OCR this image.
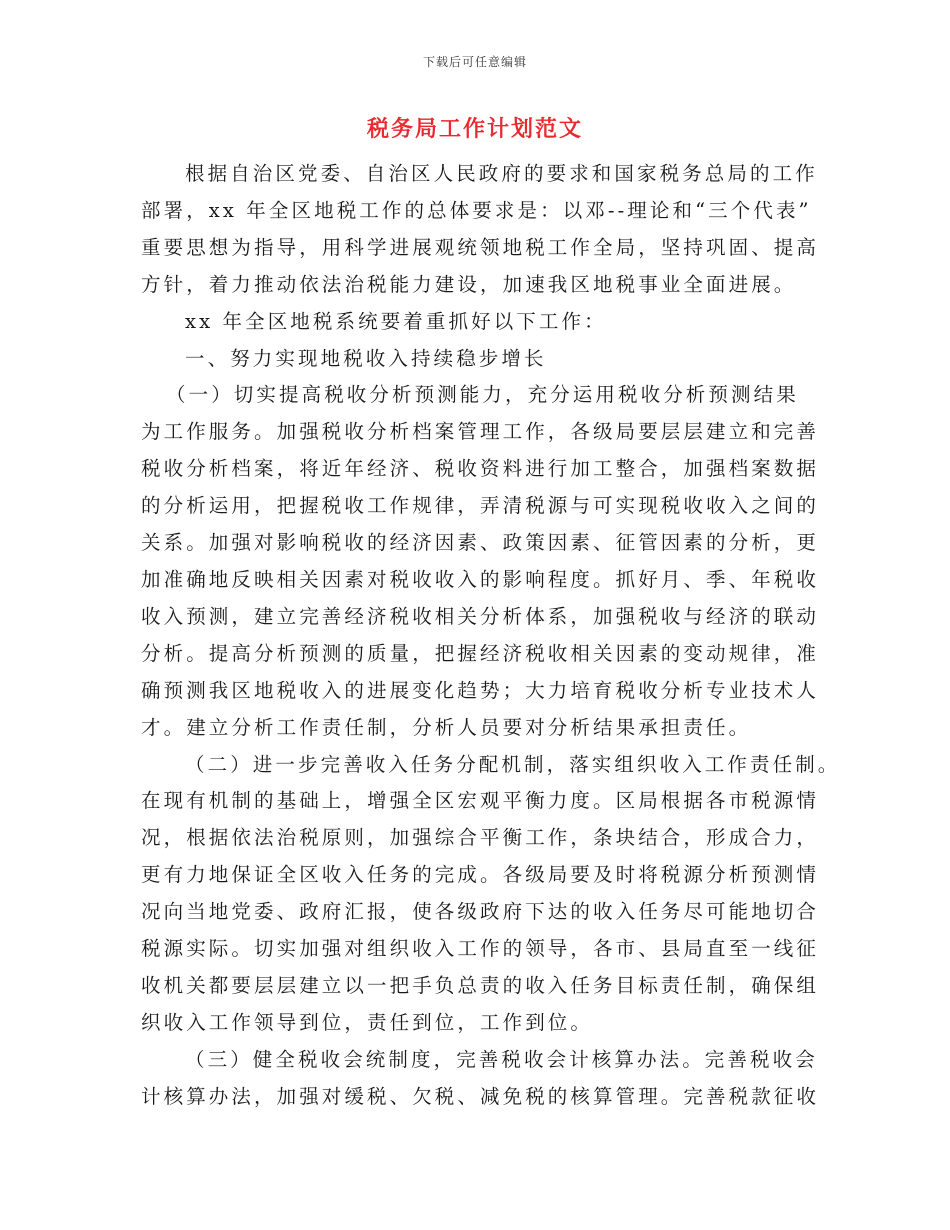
下载后可任意编辑
税务局工作计划范文

根据自治区党委、自治区人民政府的要求和国家税务总局的工作

部署，xx 年全区地税工作的总体要求是：以邓--理论和“三个代表”

重要思想为指导，用科学进展观统领地税工作全局，坚持巩固、提高

方针，着力推动依法治税能力建设，加速我区地税事业全面进展。

xx 年全区地税系统要着重抓好以下工作：

一、努力实现地税收入持续稳步增长

（一）切实提高税收分析预测能力，充分运用税收分析预测结果

为工作服务。加强税收分析档案管理工作，各级局要层层建立和完善

税收分析档案，将近年经济、税收资料进行加工整合，加强档案数据

的分析运用，把握税收工作规律，弄清税源与可实现税收收入之间的

关系。加强对影响税收的经济因素、政策因素、征管因素的分析，更

加准确地反映相关因素对税收收入的影响程度。抓好月、季、年税收

收入预测，建立完善经济税收相关分析体系，加强税收与经济的联动

分析。提高分析预测的质量，把握经济税收相关因素的变动规律，准

确预测我区地税收入的进展变化趋势；大力培育税收分析专业技术人

才。建立分析工作责任制，分析人员要对分析结果承担责任。

（二）进一步完善收入任务分配机制，落实组织收入工作责任制。

在现有机制的基础上，增强全区宏观平衡力度。区局根据各市税源情

况，根据依法治税原则，加强综合平衡工作，条块结合，形成合力，

更有力地保证全区收入任务的完成。各级局要及时将税源分析预测情

况向当地党委、政府汇报，使各级政府下达的收入任务尽可能地切合

税源实际。切实加强对组织收入工作的领导，各市、县局直至一线征

收机关都要层层建立以一把手负总责的收入任务目标责任制，确保组

织收入工作领导到位，责任到位，工作到位。

（三）健全税收会统制度，完善税收会计核算办法。完善税收会

计核算办法，加强对缓税、欠税、减免税的核算管理。完善税款征收
